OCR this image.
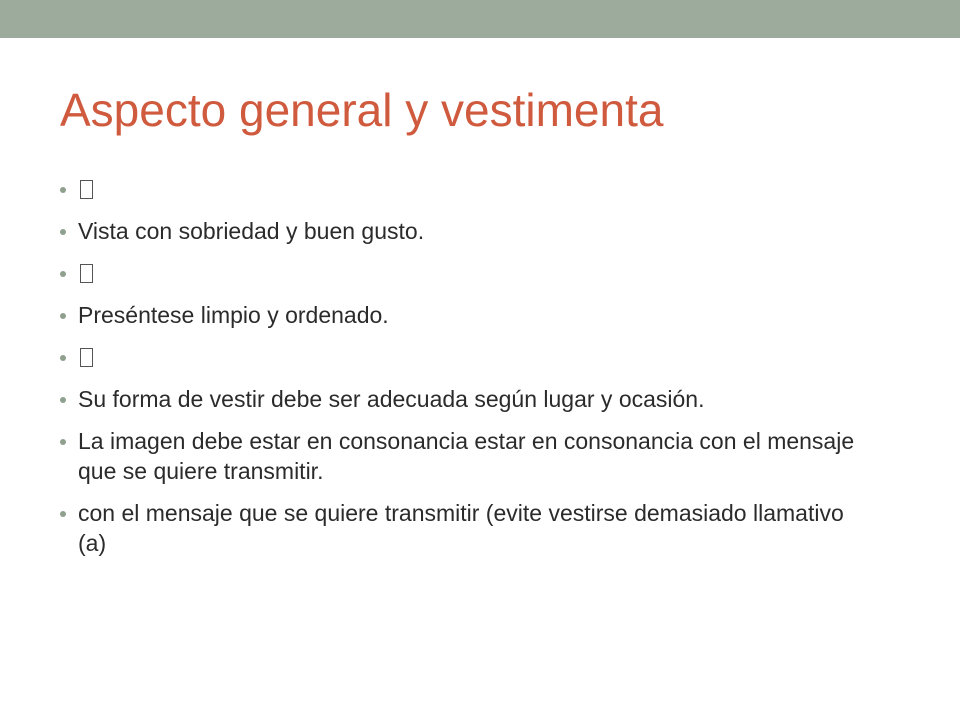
Aspecto general y vestimenta
Vista con sobriedad y buen gusto.
Preséntese limpio y ordenado.
Su forma de vestir debe ser adecuada según lugar y ocasión.
La imagen debe estar en consonancia estar en consonancia con el mensaje que se quiere transmitir.
con el mensaje que se quiere transmitir (evite vestirse demasiado llamativo (a)
